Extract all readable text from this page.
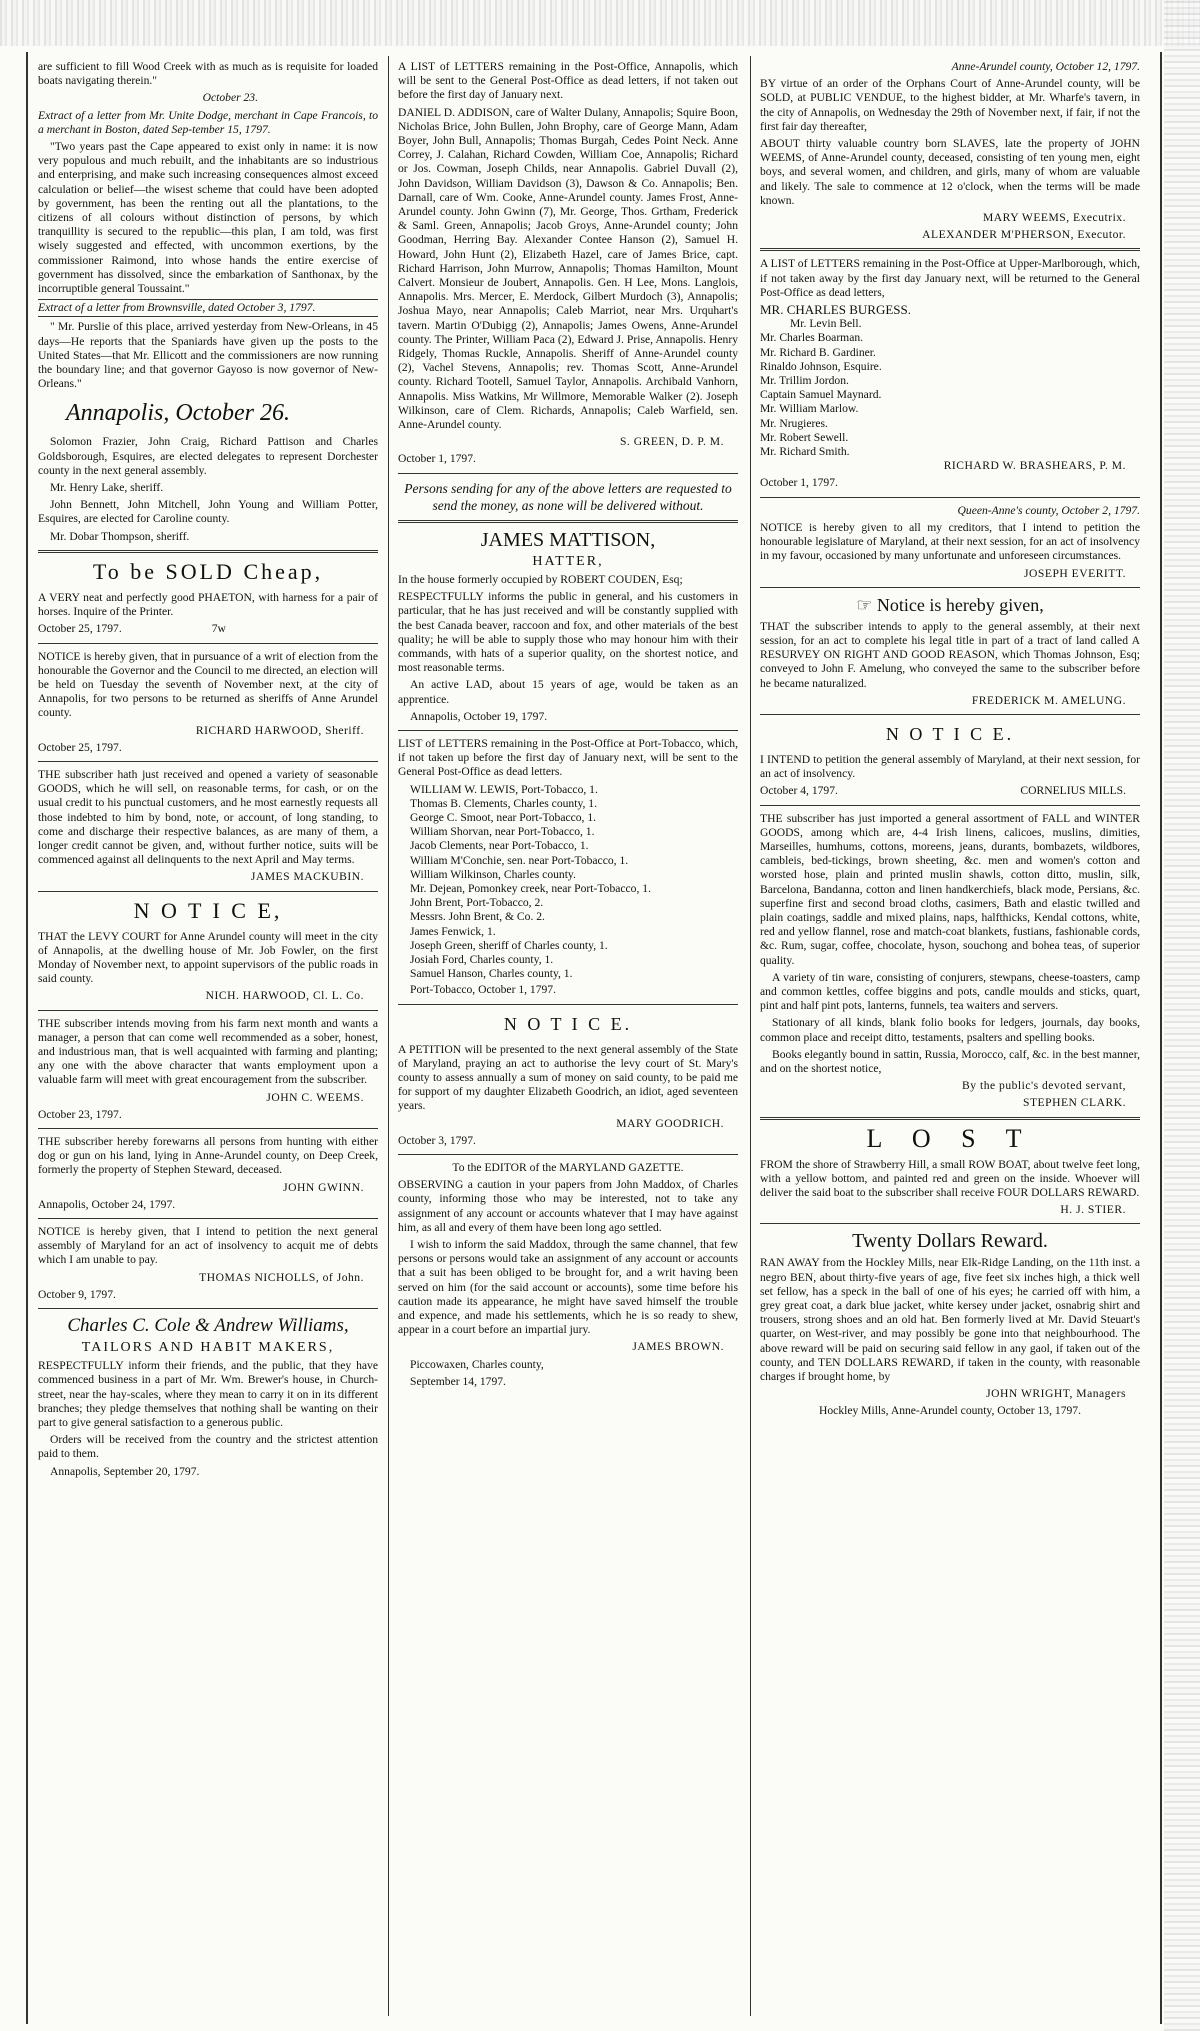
are sufficient to fill Wood Creek with as much as is requisite for loaded boats navigating therein."

October 23.

Extract of a letter from Mr. Unite Dodge, merchant in Cape Francois, to a merchant in Boston, dated Sep-tember 15, 1797.

"Two years past the Cape appeared to exist only in name: it is now very populous and much rebuilt, and the inhabitants are so industrious and enterprising, and make such increasing consequences almost exceed calculation or belief—the wisest scheme that could have been adopted by government, has been the renting out all the plantations, to the citizens of all colours without distinction of persons, by which tranquillity is secured to the republic—this plan, I am told, was first wisely suggested and effected, with uncommon exertions, by the commissioner Raimond, into whose hands the entire exercise of government has dissolved, since the embarkation of Santhonax, by the incorruptible general Toussaint."

Extract of a letter from Brownsville, dated October 3, 1797.

" Mr. Purslie of this place, arrived yesterday from New-Orleans, in 45 days—He reports that the Spaniards have given up the posts to the United States—that Mr. Ellicott and the commissioners are now running the boundary line; and that governor Gayoso is now governor of New-Orleans."

Annapolis, October 26.

Solomon Frazier, John Craig, Richard Pattison and Charles Goldsborough, Esquires, are elected delegates to represent Dorchester county in the next general assembly.

Mr. Henry Lake, sheriff.

John Bennett, John Mitchell, John Young and William Potter, Esquires, are elected for Caroline county.

Mr. Dobar Thompson, sheriff.

To be SOLD Cheap,

A VERY neat and perfectly good PHAETON, with harness for a pair of horses. Inquire of the Printer.

October 25, 1797.	7w

NOTICE is hereby given, that in pursuance of a writ of election from the honourable the Governor and the Council to me directed, an election will be held on Tuesday the seventh of November next, at the city of Annapolis, for two persons to be returned as sheriffs of Anne Arundel county.

RICHARD HARWOOD, Sheriff.

October 25, 1797.

THE subscriber hath just received and opened a variety of seasonable GOODS, which he will sell, on reasonable terms, for cash, or on the usual credit to his punctual customers, and he most earnestly requests all those indebted to him by bond, note, or account, of long standing, to come and discharge their respective balances, as are many of them, a longer credit cannot be given, and, without further notice, suits will be commenced against all delinquents to the next April and May terms.

JAMES MACKUBIN.

N O T I C E,

THAT the LEVY COURT for Anne Arundel county will meet in the city of Annapolis, at the dwelling house of Mr. Job Fowler, on the first Monday of November next, to appoint supervisors of the public roads in said county.

NICH. HARWOOD, Cl. L. Co.

THE subscriber intends moving from his farm next month and wants a manager, a person that can come well recommended as a sober, honest, and industrious man, that is well acquainted with farming and planting; any one with the above character that wants employment upon a valuable farm will meet with great encouragement from the subscriber.

JOHN C. WEEMS.

October 23, 1797.

THE subscriber hereby forewarns all persons from hunting with either dog or gun on his land, lying in Anne-Arundel county, on Deep Creek, formerly the property of Stephen Steward, deceased.

JOHN GWINN.

Annapolis, October 24, 1797.

NOTICE is hereby given, that I intend to petition the next general assembly of Maryland for an act of insolvency to acquit me of debts which I am unable to pay.

THOMAS NICHOLLS, of John.

October 9, 1797.

Charles C. Cole & Andrew Williams,
TAILORS AND HABIT MAKERS,

RESPECTFULLY inform their friends, and the public, that they have commenced business in a part of Mr. Wm. Brewer's house, in Church-street, near the hay-scales, where they mean to carry it on in its different branches; they pledge themselves that nothing shall be wanting on their part to give general satisfaction to a generous public.

Orders will be received from the country and the strictest attention paid to them.

Annapolis, September 20, 1797.

A LIST of LETTERS remaining in the Post-Office, Annapolis, which will be sent to the General Post-Office as dead letters, if not taken out before the first day of January next.

DANIEL D. ADDISON, care of Walter Dulany, Annapolis; Squire Boon, Nicholas Brice, John Bullen, John Brophy, care of George Mann, Adam Boyer, John Bull, Annapolis; Thomas Burgah, Cedes Point Neck. Anne Correy, J. Calahan, Richard Cowden, William Coe, Annapolis; Richard or Jos. Cowman, Joseph Childs, near Annapolis. Gabriel Duvall (2), John Davidson, William Davidson (3), Dawson & Co. Annapolis; Ben. Darnall, care of Wm. Cooke, Anne-Arundel county. James Frost, Anne-Arundel county. John Gwinn (7), Mr. George, Thos. Grtham, Frederick & Saml. Green, Annapolis; Jacob Groys, Anne-Arundel county; John Goodman, Herring Bay. Alexander Contee Hanson (2), Samuel H. Howard, John Hunt (2), Elizabeth Hazel, care of James Brice, capt. Richard Harrison, John Murrow, Annapolis; Thomas Hamilton, Mount Calvert. Monsieur de Joubert, Annapolis. Gen. H Lee, Mons. Langlois, Annapolis. Mrs. Mercer, E. Merdock, Gilbert Murdoch (3), Annapolis; Joshua Mayo, near Annapolis; Caleb Marriot, near Mrs. Urquhart's tavern. Martin O'Dubigg (2), Annapolis; James Owens, Anne-Arundel county. The Printer, William Paca (2), Edward J. Prise, Annapolis. Henry Ridgely, Thomas Ruckle, Annapolis. Sheriff of Anne-Arundel county (2), Vachel Stevens, Annapolis; rev. Thomas Scott, Anne-Arundel county. Richard Tootell, Samuel Taylor, Annapolis. Archibald Vanhorn, Annapolis. Miss Watkins, Mr Willmore, Memorable Walker (2). Joseph Wilkinson, care of Clem. Richards, Annapolis; Caleb Warfield, sen. Anne-Arundel county.

S. GREEN, D. P. M.

October 1, 1797.

Persons sending for any of the above letters are requested to send the money, as none will be delivered without.

JAMES MATTISON,
HATTER,

In the house formerly occupied by ROBERT COUDEN, Esq;

RESPECTFULLY informs the public in general, and his customers in particular, that he has just received and will be constantly supplied with the best Canada beaver, raccoon and fox, and other materials of the best quality; he will be able to supply those who may honour him with their commands, with hats of a superior quality, on the shortest notice, and most reasonable terms.

An active LAD, about 15 years of age, would be taken as an apprentice.

Annapolis, October 19, 1797.

LIST of LETTERS remaining in the Post-Office at Port-Tobacco, which, if not taken up before the first day of January next, will be sent to the General Post-Office as dead letters.

WILLIAM W. LEWIS, Port-Tobacco, 1.

Thomas B. Clements, Charles county, 1.

George C. Smoot, near Port-Tobacco, 1.

William Shorvan, near Port-Tobacco, 1.

Jacob Clements, near Port-Tobacco, 1.

William M'Conchie, sen. near Port-Tobacco, 1.

William Wilkinson, Charles county.

Mr. Dejean, Pomonkey creek, near Port-Tobacco, 1.

John Brent, Port-Tobacco, 2.

Messrs. John Brent, & Co. 2.

James Fenwick, 1.

Joseph Green, sheriff of Charles county, 1.

Josiah Ford, Charles county, 1.

Samuel Hanson, Charles county, 1.

Port-Tobacco, October 1, 1797.

N O T I C E.

A PETITION will be presented to the next general assembly of the State of Maryland, praying an act to authorise the levy court of St. Mary's county to assess annually a sum of money on said county, to be paid me for support of my daughter Elizabeth Goodrich, an idiot, aged seventeen years.

MARY GOODRICH.

October 3, 1797.

To the EDITOR of the MARYLAND GAZETTE.

OBSERVING a caution in your papers from John Maddox, of Charles county, informing those who may be interested, not to take any assignment of any account or accounts whatever that I may have against him, as all and every of them have been long ago settled.

I wish to inform the said Maddox, through the same channel, that few persons or persons would take an assignment of any account or accounts that a suit has been obliged to be brought for, and a writ having been served on him (for the said account or accounts), some time before his caution made its appearance, he might have saved himself the trouble and expence, and made his settlements, which he is so ready to shew, appear in a court before an impartial jury.

JAMES BROWN.

Piccowaxen, Charles county,

September 14, 1797.

Anne-Arundel county, October 12, 1797.

BY virtue of an order of the Orphans Court of Anne-Arundel county, will be SOLD, at PUBLIC VENDUE, to the highest bidder, at Mr. Wharfe's tavern, in the city of Annapolis, on Wednesday the 29th of November next, if fair, if not the first fair day thereafter,

ABOUT thirty valuable country born SLAVES, late the property of JOHN WEEMS, of Anne-Arundel county, deceased, consisting of ten young men, eight boys, and several women, and children, and girls, many of whom are valuable and likely. The sale to commence at 12 o'clock, when the terms will be made known.

MARY WEEMS, Executrix.

ALEXANDER M'PHERSON, Executor.

A LIST of LETTERS remaining in the Post-Office at Upper-Marlborough, which, if not taken away by the first day January next, will be returned to the General Post-Office as dead letters,

MR. CHARLES BURGESS.

Mr. Levin Bell.

Mr. Charles Boarman.

Mr. Richard B. Gardiner.

Rinaldo Johnson, Esquire.

Mr. Trillim Jordon.

Captain Samuel Maynard.

Mr. William Marlow.

Mr. Nrugieres.

Mr. Robert Sewell.

Mr. Richard Smith.

RICHARD W. BRASHEARS, P. M.

October 1, 1797.

Queen-Anne's county, October 2, 1797.

NOTICE is hereby given to all my creditors, that I intend to petition the honourable legislature of Maryland, at their next session, for an act of insolvency in my favour, occasioned by many unfortunate and unforeseen circumstances.

JOSEPH EVERITT.

☞ Notice is hereby given,

THAT the subscriber intends to apply to the general assembly, at their next session, for an act to complete his legal title in part of a tract of land called A RESURVEY ON RIGHT AND GOOD REASON, which Thomas Johnson, Esq; conveyed to John F. Amelung, who conveyed the same to the subscriber before he became naturalized.

FREDERICK M. AMELUNG.

N O T I C E.

I INTEND to petition the general assembly of Maryland, at their next session, for an act of insolvency.

October 4, 1797.	CORNELIUS MILLS.

THE subscriber has just imported a general assortment of FALL and WINTER GOODS, among which are, 4-4 Irish linens, calicoes, muslins, dimities, Marseilles, humhums, cottons, moreens, jeans, durants, bombazets, wildbores, cambleis, bed-tickings, brown sheeting, &c. men and women's cotton and worsted hose, plain and printed muslin shawls, cotton ditto, muslin, silk, Barcelona, Bandanna, cotton and linen handkerchiefs, black mode, Persians, &c. superfine first and second broad cloths, casimers, Bath and elastic twilled and plain coatings, saddle and mixed plains, naps, halfthicks, Kendal cottons, white, red and yellow flannel, rose and match-coat blankets, fustians, fashionable cords, &c. Rum, sugar, coffee, chocolate, hyson, souchong and bohea teas, of superior quality.

A variety of tin ware, consisting of conjurers, stewpans, cheese-toasters, camp and common kettles, coffee biggins and pots, candle moulds and sticks, quart, pint and half pint pots, lanterns, funnels, tea waiters and servers.

Stationary of all kinds, blank folio books for ledgers, journals, day books, common place and receipt ditto, testaments, psalters and spelling books.

Books elegantly bound in sattin, Russia, Morocco, calf, &c. in the best manner, and on the shortest notice,

By the public's devoted servant,

STEPHEN CLARK.

L O S T

FROM the shore of Strawberry Hill, a small ROW BOAT, about twelve feet long, with a yellow bottom, and painted red and green on the inside. Whoever will deliver the said boat to the subscriber shall receive FOUR DOLLARS REWARD.

H. J. STIER.

Twenty Dollars Reward.

RAN AWAY from the Hockley Mills, near Elk-Ridge Landing, on the 11th inst. a negro BEN, about thirty-five years of age, five feet six inches high, a thick well set fellow, has a speck in the ball of one of his eyes; he carried off with him, a grey great coat, a dark blue jacket, white kersey under jacket, osnabrig shirt and trousers, strong shoes and an old hat. Ben formerly lived at Mr. David Steuart's quarter, on West-river, and may possibly be gone into that neighbourhood. The above reward will be paid on securing said fellow in any gaol, if taken out of the county, and TEN DOLLARS REWARD, if taken in the county, with reasonable charges if brought home, by

JOHN WRIGHT, Managers

Hockley Mills, Anne-Arundel county, October 13, 1797.
